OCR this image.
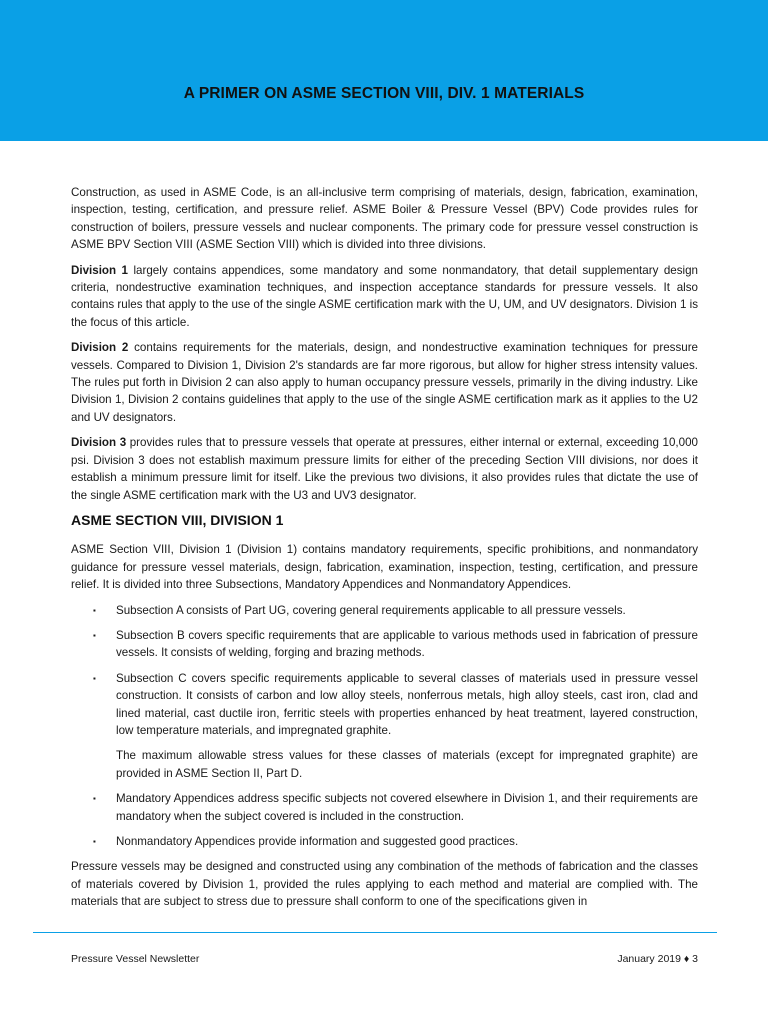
A PRIMER ON ASME SECTION VIII, DIV. 1 MATERIALS

Construction, as used in ASME Code, is an all-inclusive term comprising of materials, design, fabrication, examination, inspection, testing, certification, and pressure relief. ASME Boiler & Pressure Vessel (BPV) Code provides rules for construction of boilers, pressure vessels and nuclear components. The primary code for pressure vessel construction is ASME BPV Section VIII (ASME Section VIII) which is divided into three divisions.

Division 1 largely contains appendices, some mandatory and some nonmandatory, that detail supplementary design criteria, nondestructive examination techniques, and inspection acceptance standards for pressure vessels. It also contains rules that apply to the use of the single ASME certification mark with the U, UM, and UV designators. Division 1 is the focus of this article.

Division 2 contains requirements for the materials, design, and nondestructive examination techniques for pressure vessels. Compared to Division 1, Division 2's standards are far more rigorous, but allow for higher stress intensity values. The rules put forth in Division 2 can also apply to human occupancy pressure vessels, primarily in the diving industry. Like Division 1, Division 2 contains guidelines that apply to the use of the single ASME certification mark as it applies to the U2 and UV designators.

Division 3 provides rules that to pressure vessels that operate at pressures, either internal or external, exceeding 10,000 psi. Division 3 does not establish maximum pressure limits for either of the preceding Section VIII divisions, nor does it establish a minimum pressure limit for itself. Like the previous two divisions, it also provides rules that dictate the use of the single ASME certification mark with the U3 and UV3 designator.

ASME SECTION VIII, DIVISION 1

ASME Section VIII, Division 1 (Division 1) contains mandatory requirements, specific prohibitions, and nonmandatory guidance for pressure vessel materials, design, fabrication, examination, inspection, testing, certification, and pressure relief. It is divided into three Subsections, Mandatory Appendices and Nonmandatory Appendices.

▪ Subsection A consists of Part UG, covering general requirements applicable to all pressure vessels.
▪ Subsection B covers specific requirements that are applicable to various methods used in fabrication of pressure vessels. It consists of welding, forging and brazing methods.
▪ Subsection C covers specific requirements applicable to several classes of materials used in pressure vessel construction. It consists of carbon and low alloy steels, nonferrous metals, high alloy steels, cast iron, clad and lined material, cast ductile iron, ferritic steels with properties enhanced by heat treatment, layered construction, low temperature materials, and impregnated graphite.
The maximum allowable stress values for these classes of materials (except for impregnated graphite) are provided in ASME Section II, Part D.
▪ Mandatory Appendices address specific subjects not covered elsewhere in Division 1, and their requirements are mandatory when the subject covered is included in the construction.
▪ Nonmandatory Appendices provide information and suggested good practices.

Pressure vessels may be designed and constructed using any combination of the methods of fabrication and the classes of materials covered by Division 1, provided the rules applying to each method and material are complied with. The materials that are subject to stress due to pressure shall conform to one of the specifications given in

Pressure Vessel Newsletter	January 2019 ♦ 3
